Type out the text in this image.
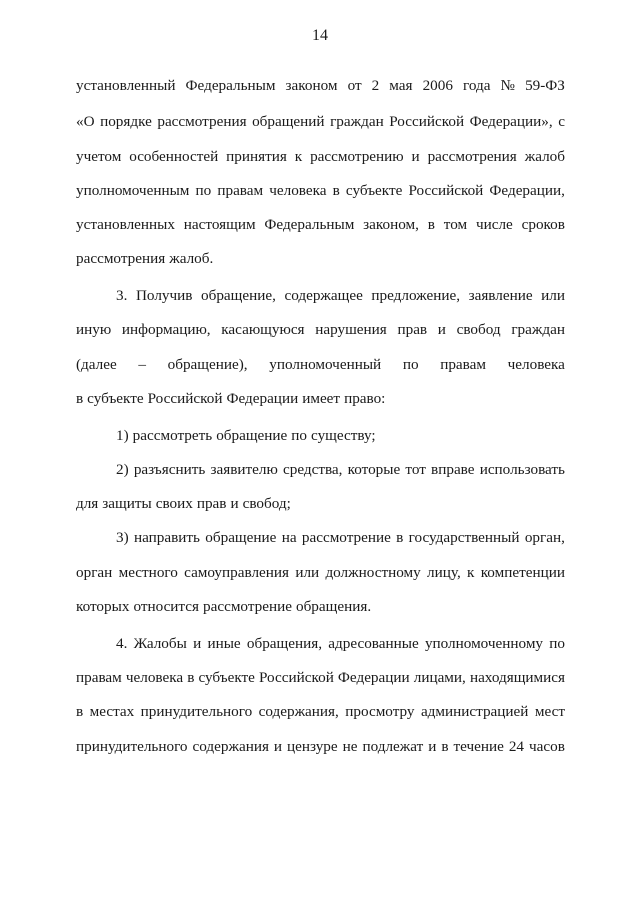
14
установленный Федеральным законом от 2 мая 2006 года № 59-ФЗ
«О порядке рассмотрения обращений граждан Российской Федерации», с
учетом особенностей принятия к рассмотрению и рассмотрения жалоб
уполномоченным по правам человека в субъекте Российской Федерации,
установленных настоящим Федеральным законом, в том числе сроков
рассмотрения жалоб.
3. Получив обращение, содержащее предложение, заявление или
иную информацию, касающуюся нарушения прав и свобод граждан
(далее – обращение), уполномоченный по правам человека
в субъекте Российской Федерации имеет право:
1) рассмотреть обращение по существу;
2) разъяснить заявителю средства, которые тот вправе использовать
для защиты своих прав и свобод;
3) направить обращение на рассмотрение в государственный орган,
орган местного самоуправления или должностному лицу, к компетенции
которых относится рассмотрение обращения.
4. Жалобы и иные обращения, адресованные уполномоченному по
правам человека в субъекте Российской Федерации лицами, находящимися
в местах принудительного содержания, просмотру администрацией мест
принудительного содержания и цензуре не подлежат и в течение 24 часов
